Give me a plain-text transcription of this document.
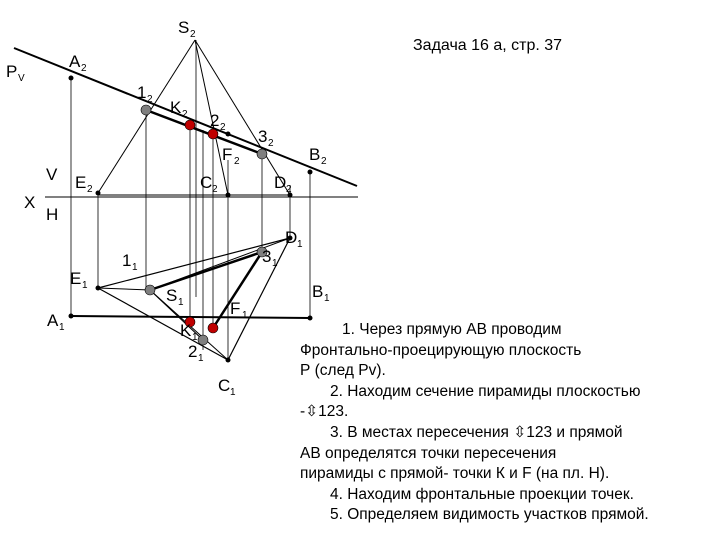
Задача 16 а, стр. 37
S 2
P V
A 2
1 2 K 2 2 2 3 2
F 2	B 2
V E 2	C 2	D 2
X
H
D 1
3 1
1 1
E 1
S 1
B 1
F 1
A 1	K 1
2 1
C 1

1. Через прямую АВ проводим

Фронтально-проецирующую плоскость

Р (след Рv).

2. Находим сечение пирамиды плоскостью

-⇳123.

3. В местах пересечения ⇳123 и прямой

АВ определятся точки пересечения

пирамиды с прямой- точки К и F (на пл. Н).

4. Находим фронтальные проекции точек.

5. Определяем видимость участков прямой.
